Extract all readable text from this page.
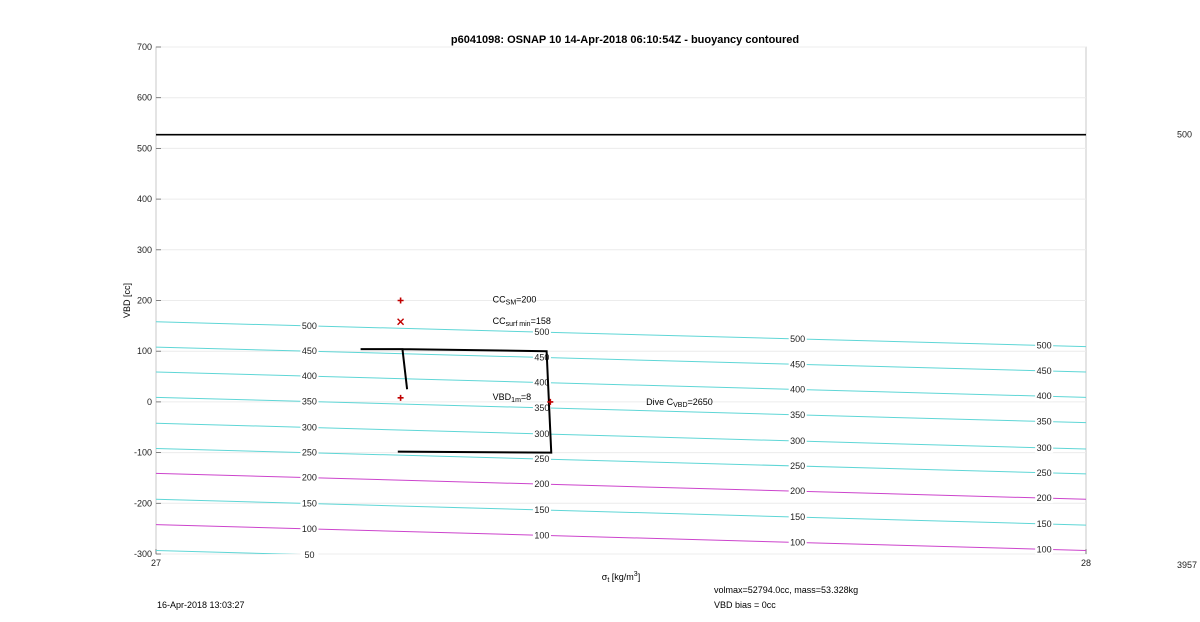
700
600
500
400
300
200
100
0
-100
-200
-300
27	28
50
100
100
100
100
150
150
150
150
200
200
200
200
250
250
250
250
300
300
300
300
350
350
350
350
400
400
400
400
450
450
450
450
500
500
500
500
500
3957
$CC_{SM}=200$
$CC_{surf min}=158$
$VBD_{1m}=8$
Dive $C_{VBD}=2650$
p6041098: OSNAP 10 14-Apr-2018 06:10:54Z - buoyancy contoured
VBD [cc]
$\sigma_t$ $[kg/m^3]$
16-Apr-2018 13:03:27
volmax=52794.0cc, mass=53.328kg
VBD bias = 0cc
